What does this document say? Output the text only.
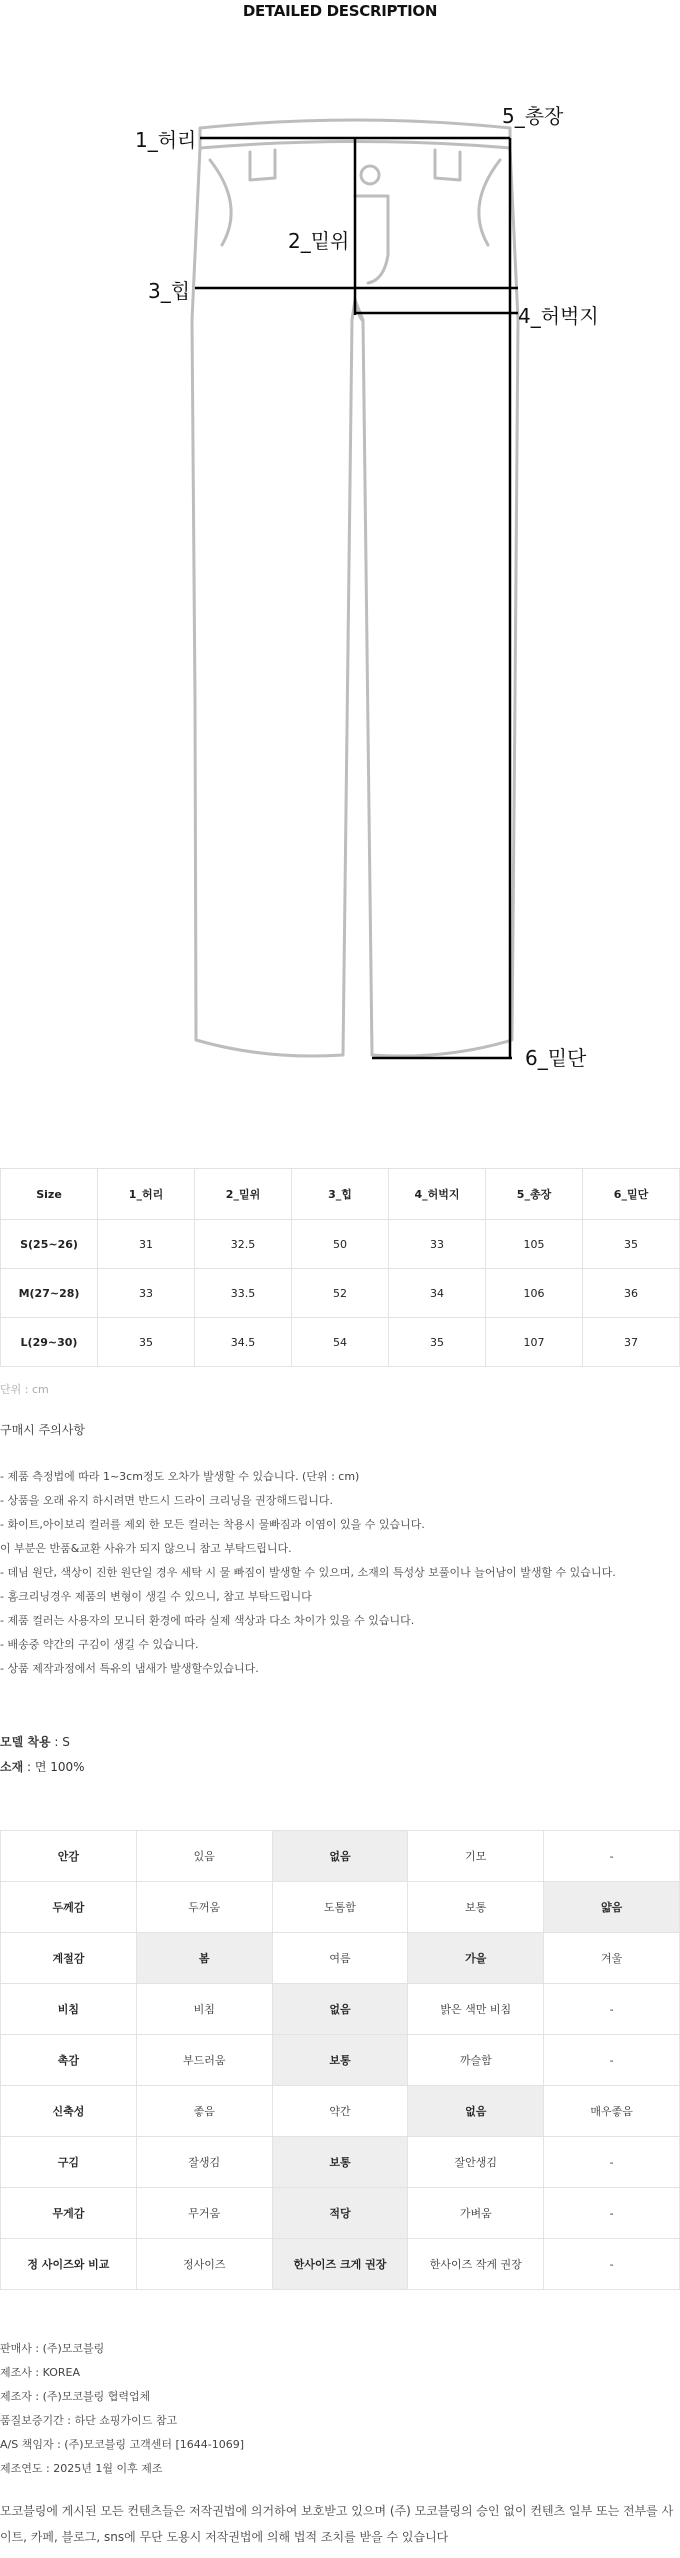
DETAILED DESCRIPTION
1_허리
2_밑위
3_힙
4_허벅지
5_총장
6_밑단
Size	1_허리	2_밑위	3_힙	4_허벅지	5_총장	6_밑단
S(25~26)	31	32.5	50	33	105	35
M(27~28)	33	33.5	52	34	106	36
L(29~30)	35	34.5	54	35	107	37
단위 : cm
구매시 주의사항
- 제품 측정법에 따라 1~3cm정도 오차가 발생할 수 있습니다. (단위 : cm)
- 상품을 오래 유지 하시려면 반드시 드라이 크리닝을 권장해드립니다.
- 화이트,아이보리 컬러를 제외 한 모든 컬러는 착용시 물빠짐과 이염이 있을 수 있습니다.
이 부분은 반품&교환 사유가 되지 않으니 참고 부탁드립니다.
- 데님 원단, 색상이 진한 원단일 경우 세탁 시 물 빠짐이 발생할 수 있으며, 소재의 특성상 보풀이나 늘어남이 발생할 수 있습니다.
- 홈크리닝경우 제품의 변형이 생길 수 있으니, 참고 부탁드립니다
- 제품 컬러는 사용자의 모니터 환경에 따라 실제 색상과 다소 차이가 있을 수 있습니다.
- 배송중 약간의 구김이 생길 수 있습니다.
- 상품 제작과정에서 특유의 냄새가 발생할수있습니다.
모델 착용 : S
소재 : 면 100%
안감	있음	없음	기모	-
두께감	두꺼움	도톰함	보통	얇음
계절감	봄	여름	가을	겨울
비침	비침	없음	밝은 색만 비침	-
촉감	부드러움	보통	까슬함	-
신축성	좋음	약간	없음	매우좋음
구김	잘생김	보통	잘안생김	-
무게감	무거움	적당	가벼움	-
정 사이즈와 비교	정사이즈	한사이즈 크게 권장	한사이즈 작게 권장	-
판매사 : (주)모코블링
제조사 : KOREA
제조자 : (주)모코블링 협력업체
품질보증기간 : 하단 쇼핑가이드 참고
A/S 책임자 : (주)모코블링 고객센터 [1644-1069]
제조연도 : 2025년 1월 이후 제조
모코블링에 게시된 모든 컨텐츠들은 저작권법에 의거하여 보호받고 있으며 (주) 모코블링의 승인 없이 컨텐츠 일부 또는 전부를 사이트, 카페, 블로그, sns에 무단 도용시 저작권법에 의해 법적 조치를 받을 수 있습니다
